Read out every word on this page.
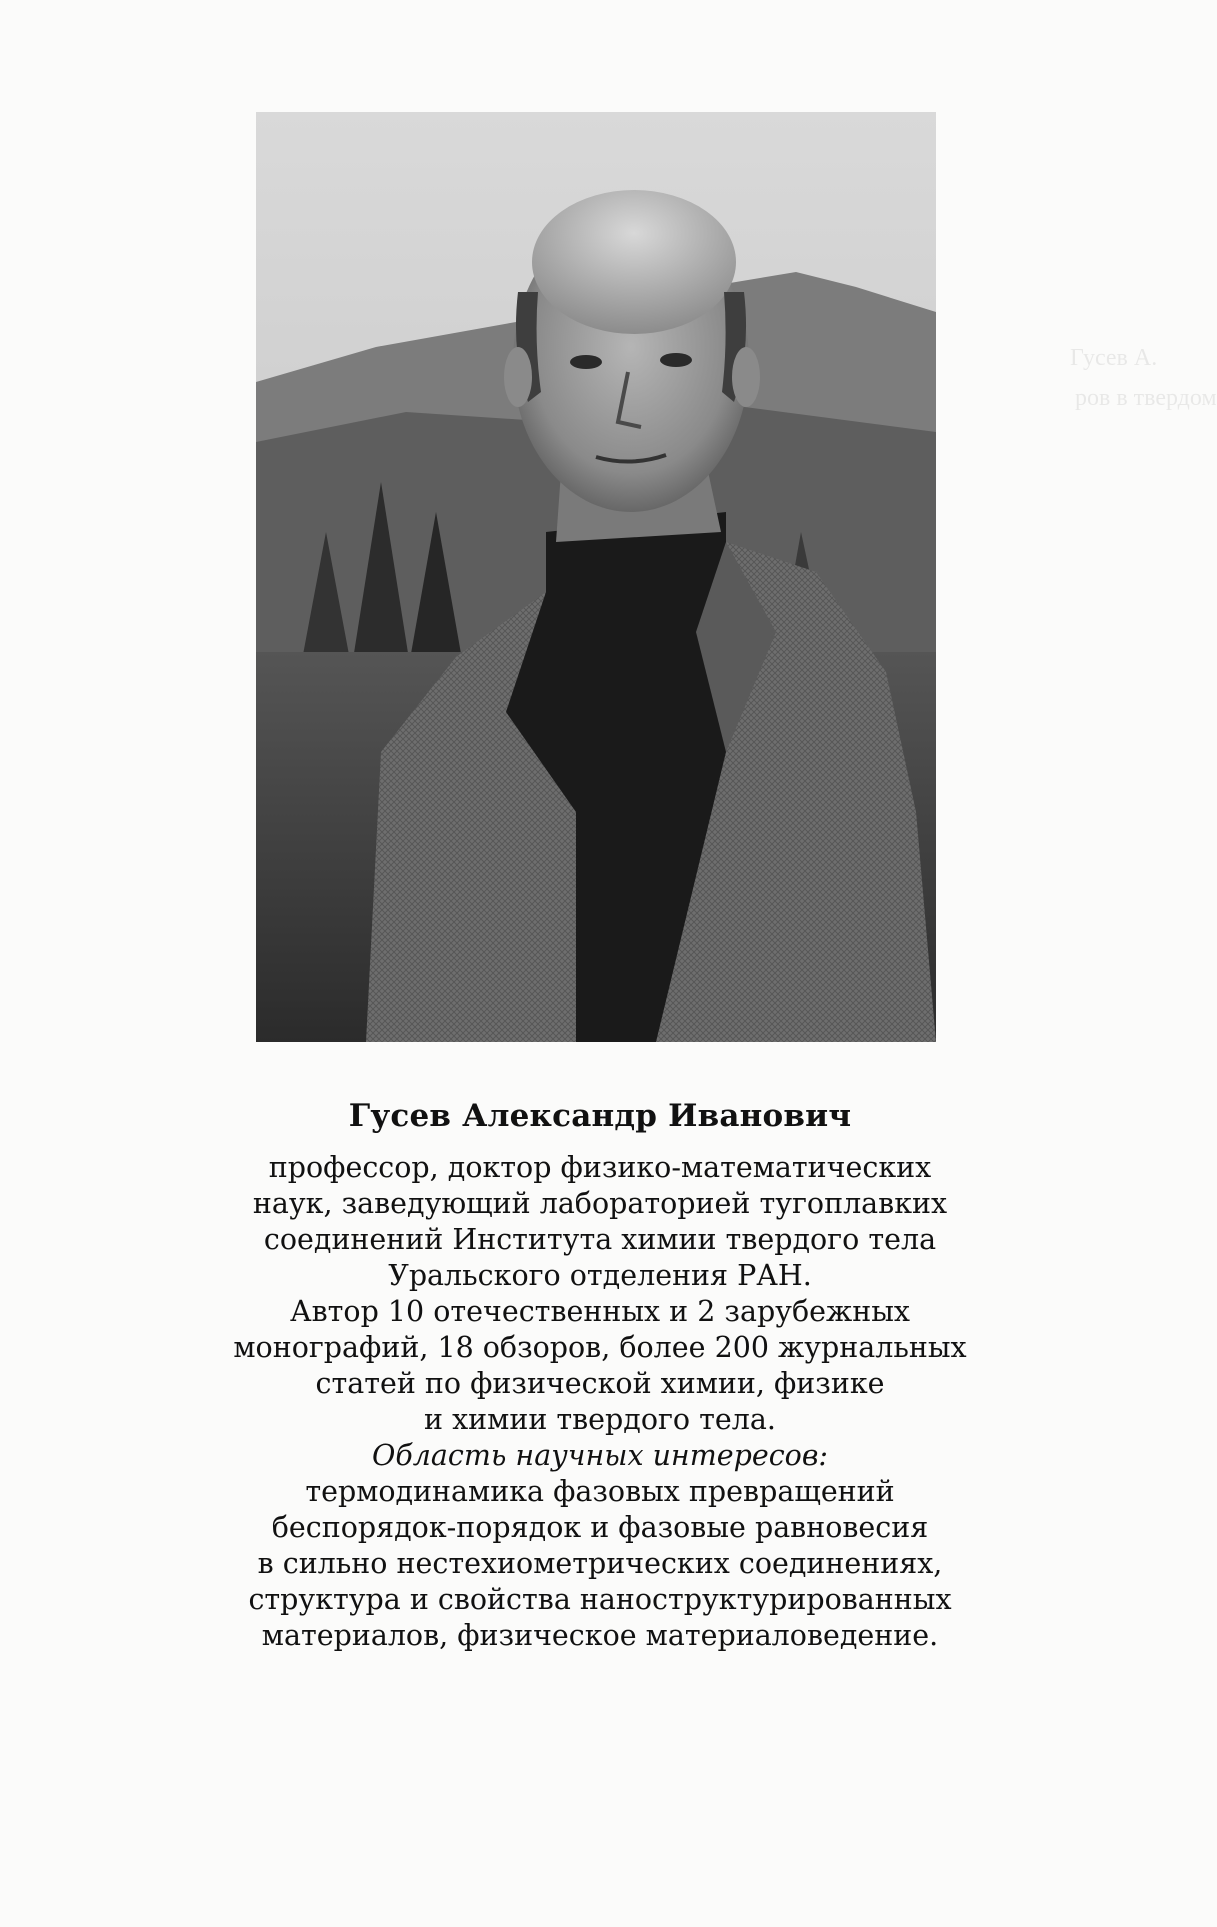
Гусев А.
ров в твердом
Гусев Александр Иванович
профессор, доктор физико-математических
наук, заведующий лабораторией тугоплавких
соединений Института химии твердого тела
Уральского отделения РАН.
Автор 10 отечественных и 2 зарубежных
монографий, 18 обзоров, более 200 журнальных
статей по физической химии, физике
и химии твердого тела.
Область научных интересов:
термодинамика фазовых превращений
беспорядок-порядок и фазовые равновесия
в сильно нестехиометрических соединениях,
структура и свойства наноструктурированных
материалов, физическое материаловедение.
